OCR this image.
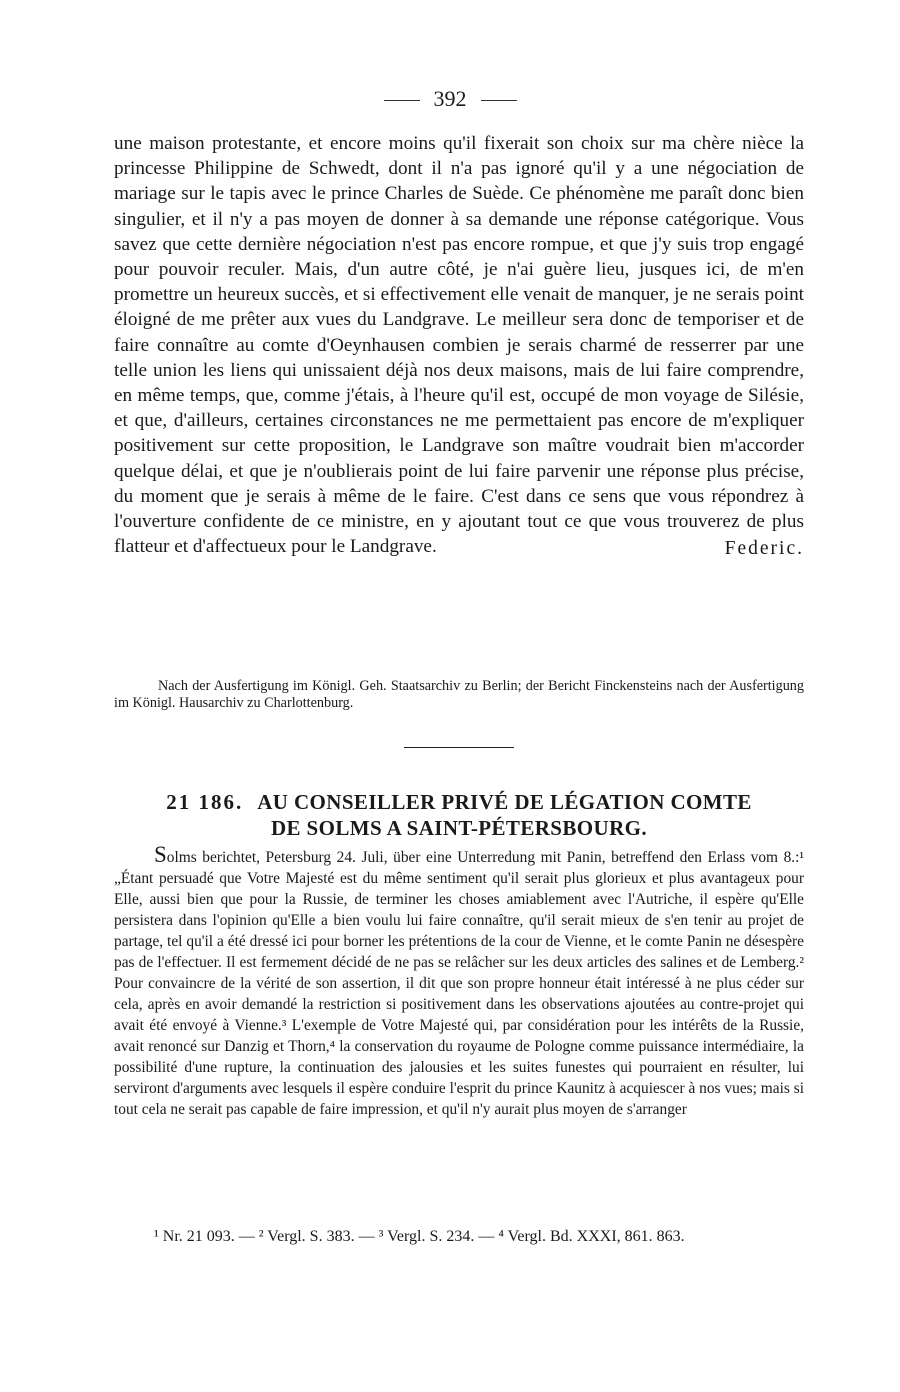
392

une maison protestante, et encore moins qu'il fixerait son choix sur ma chère nièce la princesse Philippine de Schwedt, dont il n'a pas ignoré qu'il y a une négociation de mariage sur le tapis avec le prince Charles de Suède. Ce phénomène me paraît donc bien singulier, et il n'y a pas moyen de donner à sa demande une réponse catégorique. Vous savez que cette dernière négociation n'est pas encore rompue, et que j'y suis trop engagé pour pouvoir reculer. Mais, d'un autre côté, je n'ai guère lieu, jusques ici, de m'en promettre un heureux succès, et si effectivement elle venait de manquer, je ne serais point éloigné de me prêter aux vues du Landgrave. Le meilleur sera donc de temporiser et de faire connaître au comte d'Oeynhausen combien je serais charmé de resserrer par une telle union les liens qui unissaient déjà nos deux maisons, mais de lui faire comprendre, en même temps, que, comme j'étais, à l'heure qu'il est, occupé de mon voyage de Silésie, et que, d'ailleurs, certaines circonstances ne me permettaient pas encore de m'expliquer positivement sur cette proposition, le Landgrave son maître voudrait bien m'accorder quelque délai, et que je n'oublierais point de lui faire parvenir une réponse plus précise, du moment que je serais à même de le faire. C'est dans ce sens que vous répondrez à l'ouverture confidente de ce ministre, en y ajoutant tout ce que vous trouverez de plus flatteur et d'affectueux pour le Landgrave.	Federic.

Nach der Ausfertigung im Königl. Geh. Staatsarchiv zu Berlin; der Bericht Finckensteins nach der Ausfertigung im Königl. Hausarchiv zu Charlottenburg.

21 186. AU CONSEILLER PRIVÉ DE LÉGATION COMTE
DE SOLMS A SAINT-PÉTERSBOURG.

Solms berichtet, Petersburg 24. Juli, über eine Unterredung mit Panin, betreffend den Erlass vom 8.:¹ „Étant persuadé que Votre Majesté est du même sentiment qu'il serait plus glorieux et plus avantageux pour Elle, aussi bien que pour la Russie, de terminer les choses amiablement avec l'Autriche, il espère qu'Elle persistera dans l'opinion qu'Elle a bien voulu lui faire connaître, qu'il serait mieux de s'en tenir au projet de partage, tel qu'il a été dressé ici pour borner les prétentions de la cour de Vienne, et le comte Panin ne désespère pas de l'effectuer. Il est fermement décidé de ne pas se relâcher sur les deux articles des salines et de Lemberg.² Pour convaincre de la vérité de son assertion, il dit que son propre honneur était intéressé à ne plus céder sur cela, après en avoir demandé la restriction si positivement dans les observations ajoutées au contre-projet qui avait été envoyé à Vienne.³ L'exemple de Votre Majesté qui, par considération pour les intérêts de la Russie, avait renoncé sur Danzig et Thorn,⁴ la conservation du royaume de Pologne comme puissance intermédiaire, la possibilité d'une rupture, la continuation des jalousies et les suites funestes qui pourraient en résulter, lui serviront d'arguments avec lesquels il espère conduire l'esprit du prince Kaunitz à acquiescer à nos vues; mais si tout cela ne serait pas capable de faire impression, et qu'il n'y aurait plus moyen de s'arranger

¹ Nr. 21 093. — ² Vergl. S. 383. — ³ Vergl. S. 234. — ⁴ Vergl. Bd. XXXI, 861. 863.
